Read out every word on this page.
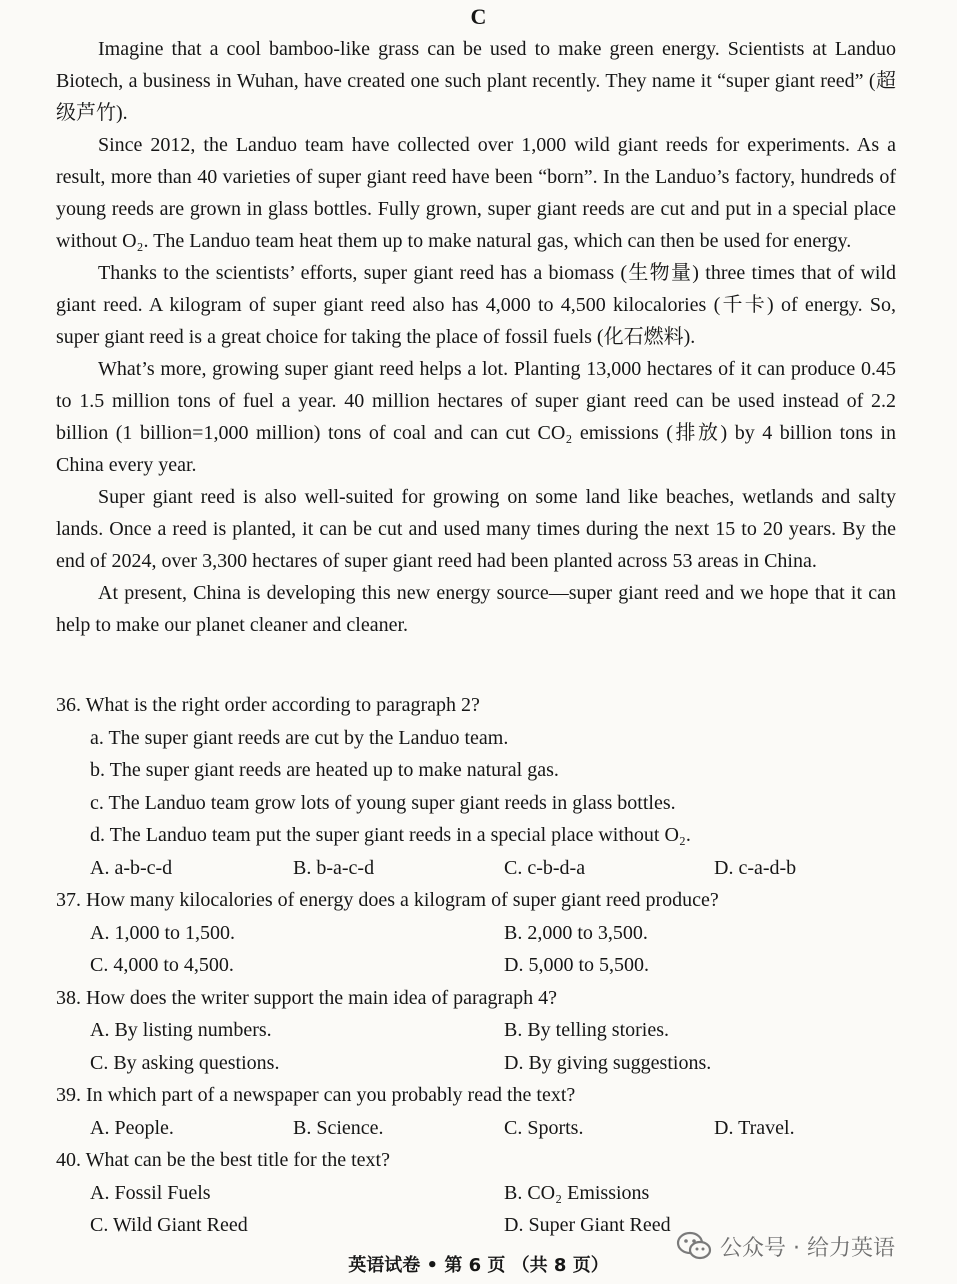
C

Imagine that a cool bamboo-like grass can be used to make green energy. Scientists at Landuo Biotech, a business in Wuhan, have created one such plant recently. They name it “super giant reed” (超级芦竹).

Since 2012, the Landuo team have collected over 1,000 wild giant reeds for experiments. As a result, more than 40 varieties of super giant reed have been “born”. In the Landuo’s factory, hundreds of young reeds are grown in glass bottles. Fully grown, super giant reeds are cut and put in a special place without O₂. The Landuo team heat them up to make natural gas, which can then be used for energy.

Thanks to the scientists’ efforts, super giant reed has a biomass (生物量) three times that of wild giant reed. A kilogram of super giant reed also has 4,000 to 4,500 kilocalories (千卡) of energy. So, super giant reed is a great choice for taking the place of fossil fuels (化石燃料).

What’s more, growing super giant reed helps a lot. Planting 13,000 hectares of it can produce 0.45 to 1.5 million tons of fuel a year. 40 million hectares of super giant reed can be used instead of 2.2 billion (1 billion=1,000 million) tons of coal and can cut CO₂ emissions (排放) by 4 billion tons in China every year.

Super giant reed is also well-suited for growing on some land like beaches, wetlands and salty lands. Once a reed is planted, it can be cut and used many times during the next 15 to 20 years. By the end of 2024, over 3,300 hectares of super giant reed had been planted across 53 areas in China.

At present, China is developing this new energy source—super giant reed and we hope that it can help to make our planet cleaner and cleaner.

36. What is the right order according to paragraph 2?

a. The super giant reeds are cut by the Landuo team.

b. The super giant reeds are heated up to make natural gas.

c. The Landuo team grow lots of young super giant reeds in glass bottles.

d. The Landuo team put the super giant reeds in a special place without O₂.

A. a-b-c-d	B. b-a-c-d	C. c-b-d-a	D. c-a-d-b

37. How many kilocalories of energy does a kilogram of super giant reed produce?

A. 1,000 to 1,500.	B. 2,000 to 3,500.
C. 4,000 to 4,500.	D. 5,000 to 5,500.

38. How does the writer support the main idea of paragraph 4?

A. By listing numbers.	B. By telling stories.
C. By asking questions.	D. By giving suggestions.

39. In which part of a newspaper can you probably read the text?

A. People.	B. Science.	C. Sports.	D. Travel.

40. What can be the best title for the text?

A. Fossil Fuels	B. CO₂ Emissions
C. Wild Giant Reed	D. Super Giant Reed
公众号 · 给力英语
英语试卷 • 第 6 页 （共 8 页）
